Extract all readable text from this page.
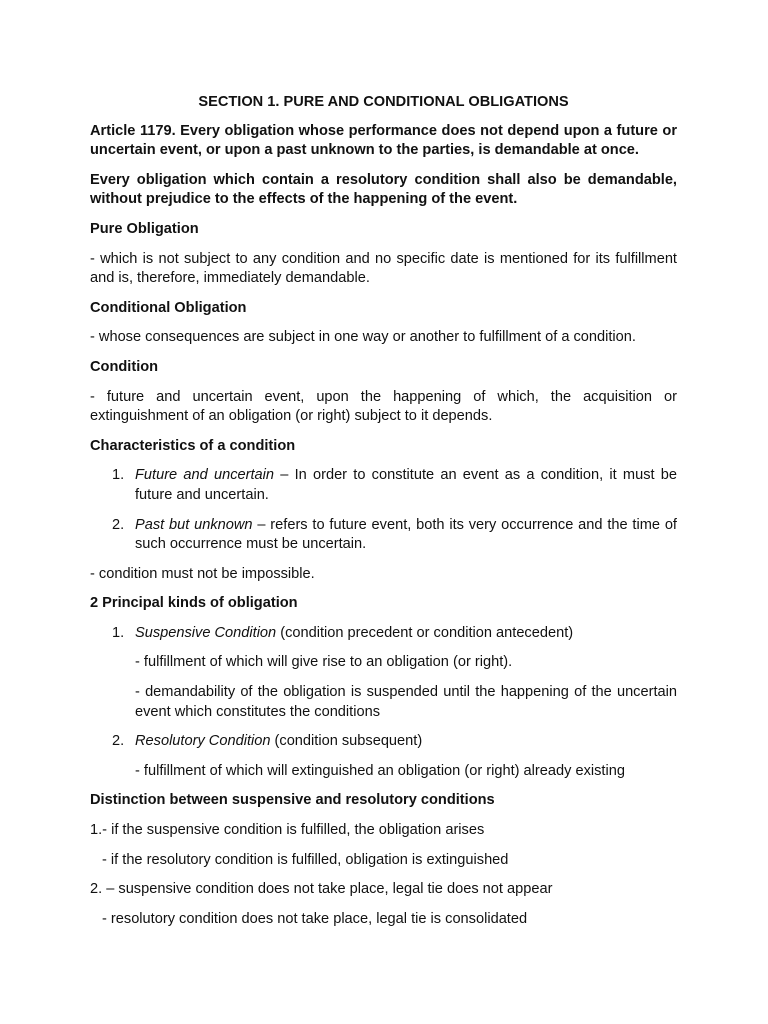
SECTION 1. PURE AND CONDITIONAL OBLIGATIONS

Article 1179. Every obligation whose performance does not depend upon a future or uncertain event, or upon a past unknown to the parties, is demandable at once.

Every obligation which contain a resolutory condition shall also be demandable, without prejudice to the effects of the happening of the event.

Pure Obligation

- which is not subject to any condition and no specific date is mentioned for its fulfillment and is, therefore, immediately demandable.

Conditional Obligation

- whose consequences are subject in one way or another to fulfillment of a condition.

Condition

- future and uncertain event, upon the happening of which, the acquisition or extinguishment of an obligation (or right) subject to it depends.

Characteristics of a condition

1. Future and uncertain – In order to constitute an event as a condition, it must be future and uncertain.

2. Past but unknown – refers to future event, both its very occurrence and the time of such occurrence must be uncertain.

- condition must not be impossible.

2 Principal kinds of obligation

1. Suspensive Condition (condition precedent or condition antecedent)

- fulfillment of which will give rise to an obligation (or right).

- demandability of the obligation is suspended until the happening of the uncertain event which constitutes the conditions

2. Resolutory Condition (condition subsequent)

- fulfillment of which will extinguished an obligation (or right) already existing

Distinction between suspensive and resolutory conditions

1.- if the suspensive condition is fulfilled, the obligation arises

- if the resolutory condition is fulfilled, obligation is extinguished

2. – suspensive condition does not take place, legal tie does not appear

- resolutory condition does not take place, legal tie is consolidated
